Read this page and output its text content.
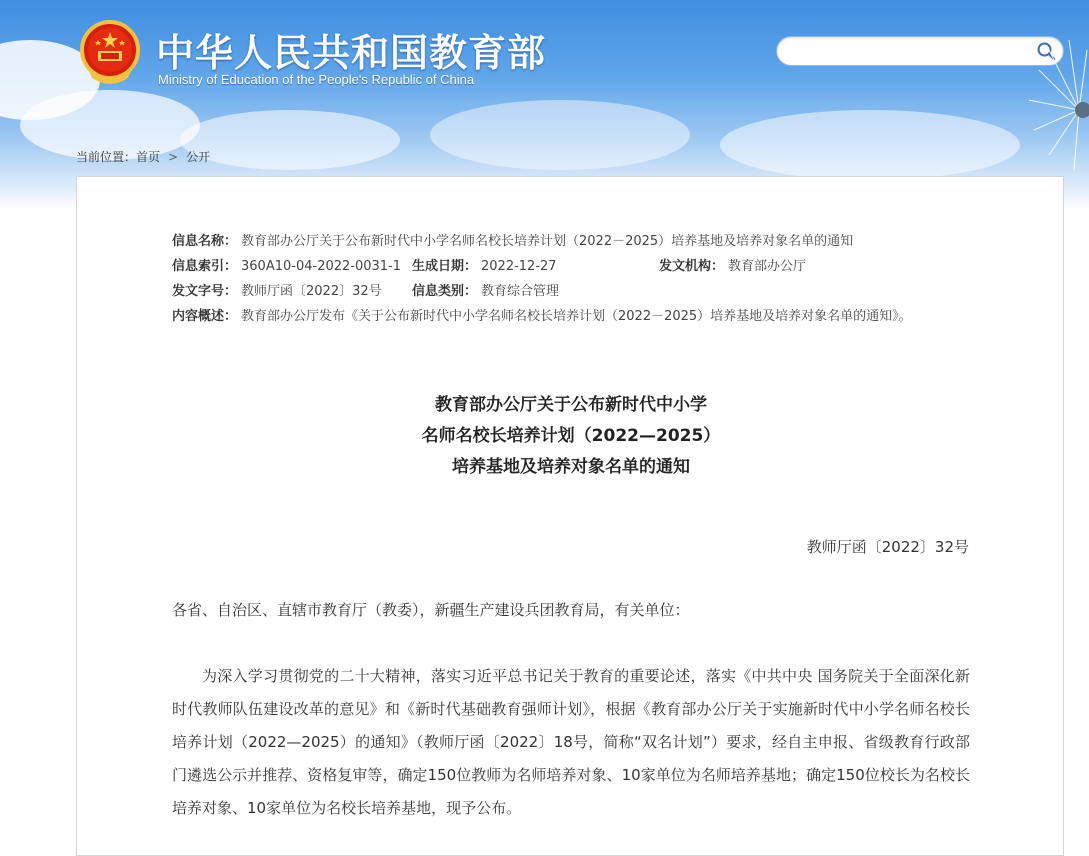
中华人民共和国教育部
Ministry of Education of the People's Republic of China
当前位置：首页 > 公开
信息名称： 教育部办公厅关于公布新时代中小学名师名校长培养计划（2022－2025）培养基地及培养对象名单的通知
信息索引： 360A10-04-2022-0031-1 生成日期： 2022-12-27	发文机构： 教育部办公厅
发文字号： 教师厅函〔2022〕32号 信息类别： 教育综合管理
内容概述： 教育部办公厅发布《关于公布新时代中小学名师名校长培养计划（2022－2025）培养基地及培养对象名单的通知》。
教育部办公厅关于公布新时代中小学
名师名校长培养计划（2022—2025）
培养基地及培养对象名单的通知
教师厅函〔2022〕32号
各省、自治区、直辖市教育厅（教委），新疆生产建设兵团教育局，有关单位：
为深入学习贯彻党的二十大精神，落实习近平总书记关于教育的重要论述，落实《中共中央 国务院关于全面深化新时代教师队伍建设改革的意见》和《新时代基础教育强师计划》，根据《教育部办公厅关于实施新时代中小学名师名校长培养计划（2022—2025）的通知》（教师厅函〔2022〕18号，简称“双名计划”）要求，经自主申报、省级教育行政部门遴选公示并推荐、资格复审等，确定150位教师为名师培养对象、10家单位为名师培养基地；确定150位校长为名校长培养对象、10家单位为名校长培养基地，现予公布。
